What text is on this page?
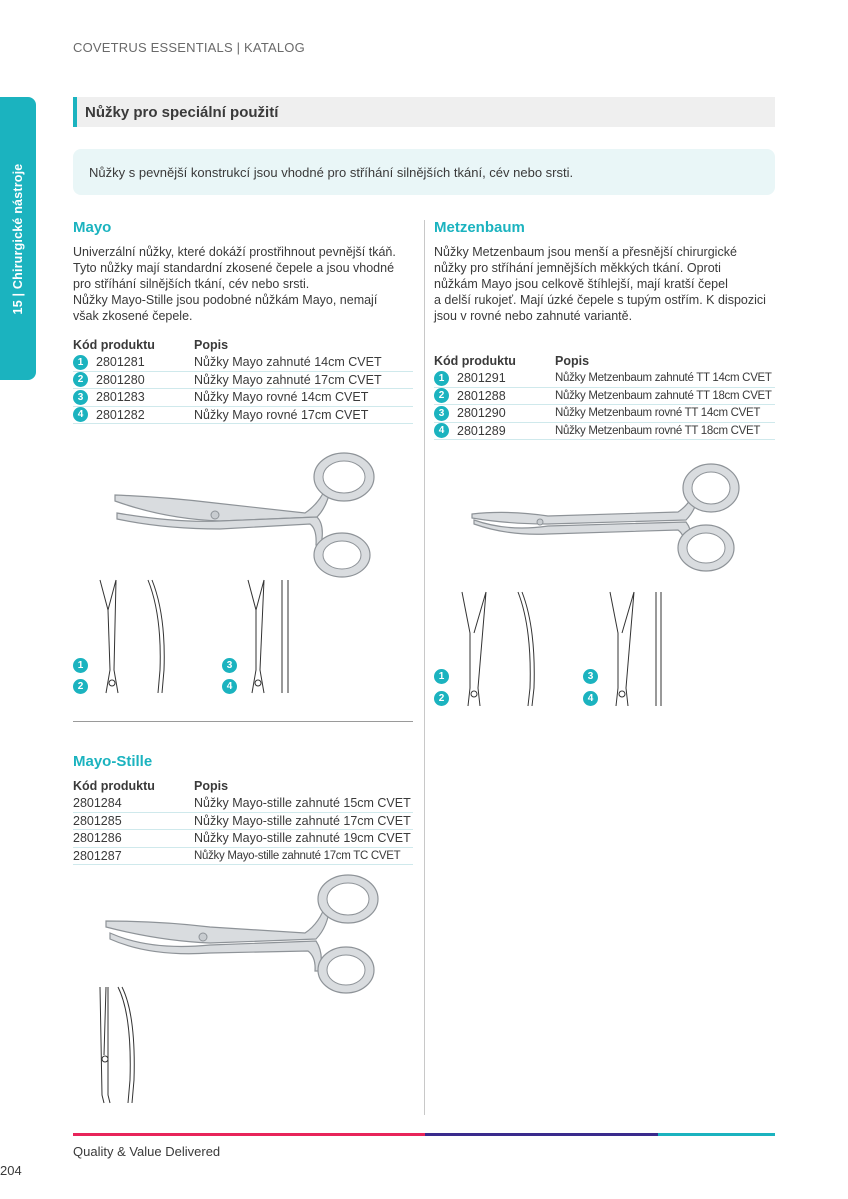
COVETRUS ESSENTIALS | KATALOG
15 | Chirurgické nástroje
Nůžky pro speciální použití
Nůžky s pevnější konstrukcí jsou vhodné pro stříhání silnějších tkání, cév nebo srsti.
Mayo
Univerzální nůžky, které dokáží prostřihnout pevnější tkáň.
Tyto nůžky mají standardní zkosené čepele a jsou vhodné
pro stříhání silnějších tkání, cév nebo srsti.
Nůžky Mayo-Stille jsou podobné nůžkám Mayo, nemají
však zkosené čepele.
Kód produktu	Popis
1	2801281	Nůžky Mayo zahnuté 14cm CVET
2	2801280	Nůžky Mayo zahnuté 17cm CVET
3	2801283	Nůžky Mayo rovné 14cm CVET
4	2801282	Nůžky Mayo rovné 17cm CVET
1
2
3
4
Metzenbaum
Nůžky Metzenbaum jsou menší a přesnější chirurgické
nůžky pro stříhání jemnějších měkkých tkání. Oproti
nůžkám Mayo jsou celkově štíhlejší, mají kratší čepel
a delší rukojeť. Mají úzké čepele s tupým ostřím. K dispozici
jsou v rovné nebo zahnuté variantě.
Kód produktu	Popis
1	2801291	Nůžky Metzenbaum zahnuté TT 14cm CVET
2	2801288	Nůžky Metzenbaum zahnuté TT 18cm CVET
3	2801290	Nůžky Metzenbaum rovné TT 14cm CVET
4	2801289	Nůžky Metzenbaum rovné TT 18cm CVET
1
2
3
4
Mayo-Stille
Kód produktu	Popis
2801284	Nůžky Mayo-stille zahnuté 15cm CVET
2801285	Nůžky Mayo-stille zahnuté 17cm CVET
2801286	Nůžky Mayo-stille zahnuté 19cm CVET
2801287	Nůžky Mayo-stille zahnuté 17cm TC CVET
Quality & Value Delivered
204
